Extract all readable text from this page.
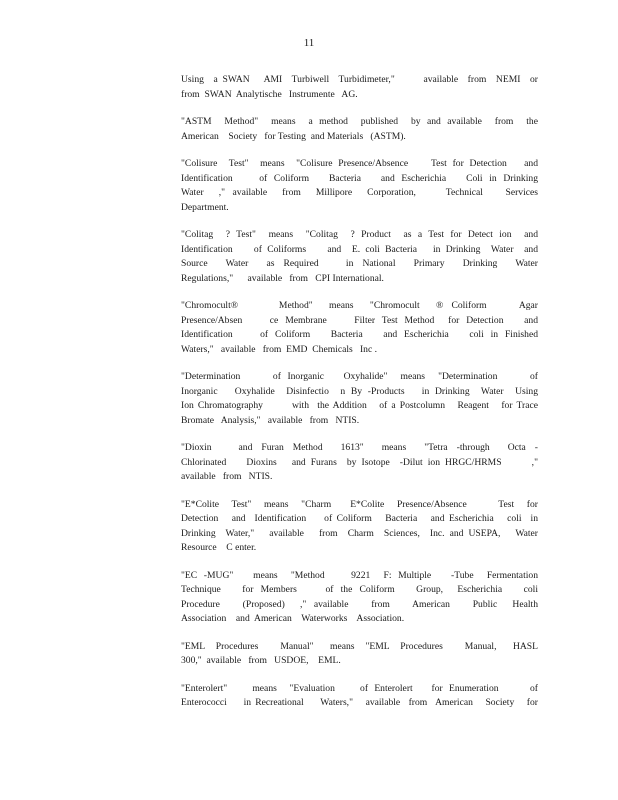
11

Using  a SWAN   AMI  Turbiwell  Turbidimeter,"      available  from  NEMI  or
from  SWAN  Analytische   Instrumente   AG.

"ASTM  Method"  means  a method  published  by and available  from  the
American    Society   for Testing  and Materials   (ASTM).

"Colisure  Test"  means  "Colisure Presence/Absence    Test for Detection   and
Identification    of Coliform   Bacteria   and Escherichia   Coli in Drinking
Water  ," available  from  Millipore  Corporation,    Technical   Services
Department.

"Colitag  ? Test"  means  "Colitag  ? Product  as a Test for Detect ion  and
Identification    of Coliforms    and  E. coli Bacteria   in Drinking  Water  and
Source  Water  as Required   in National  Primary  Drinking  Water
Regulations,"      available   from   CPI International.

"Chromocult®     Method"  means  "Chromocult  ® Coliform    Agar
Presence/Absen    ce Membrane    Filter Test Method  for Detection   and
Identification    of Coliform   Bacteria   and Escherichia   coli in Finished
Waters,"   available   from  EMD  Chemicals   Inc .

"Determination     of Inorganic   Oxyhalide"  means  "Determination     of
Inorganic   Oxyhalide  Disinfectio  n By -Products   in Drinking  Water  Using
Ion Chromatography       with  the Addition   of a Postcolumn   Reagent   for Trace
Bromate   Analysis,"   available   from   NTIS.

"Dioxin   and Furan Method  1613"  means  "Tetra -through  Octa -
Chlorinated    Dioxins   and Furans  by Isotope  -Dilut ion HRGC/HRMS      ,"
available   from   NTIS.

"E*Colite  Test"  means  "Charm   E*Colite  Presence/Absence     Test  for
Detection   and  Identification    of Coliform   Bacteria   and Escherichia   coli  in
Drinking  Water,"   available   from  Charm  Sciences,  Inc. and USEPA,   Water
Resource    C enter.

"EC -MUG"   means  "Method    9221  F: Multiple   -Tube  Fermentation
Technique   for Members    of the Coliform   Group,  Escherichia   coli
Procedure   (Proposed)  ," available   from   American   Public  Health
Association    and  American    Waterworks    Association.

"EML  Procedures    Manual"   means  "EML  Procedures    Manual,   HASL
300,"  available   from   USDOE,    EML.

"Enterolert"    means  "Evaluation    of Enterolert   for Enumeration     of
Enterococci    in Recreational    Waters,"   available  from  American   Society   for
